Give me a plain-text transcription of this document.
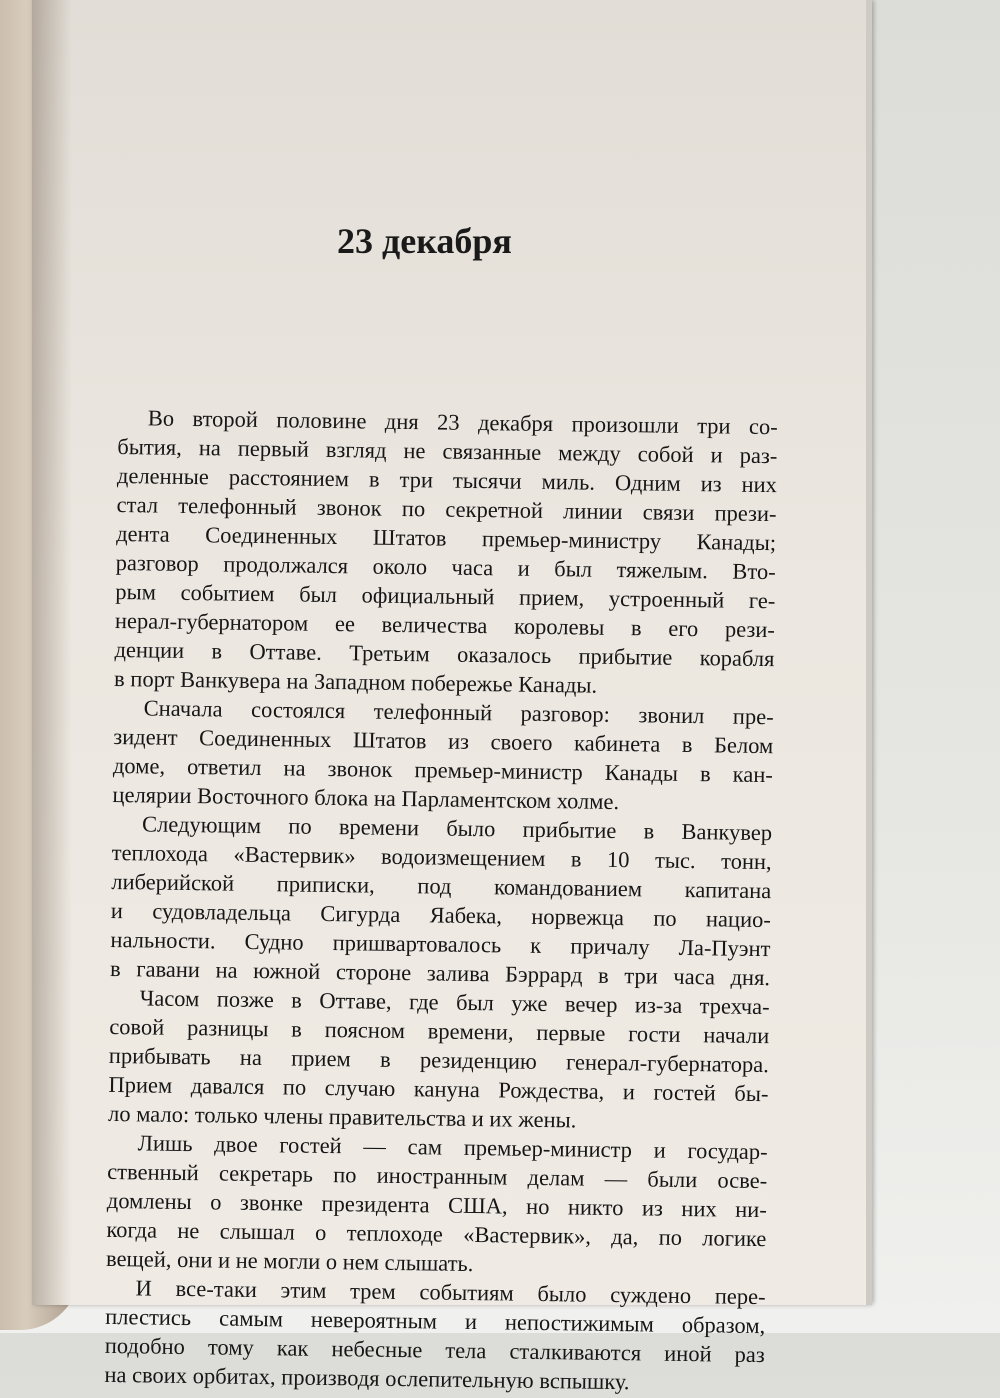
23 декабря
Во второй половине дня 23 декабря произошли три со-
бытия, на первый взгляд не связанные между собой и раз-
деленные расстоянием в три тысячи миль. Одним из них
стал телефонный звонок по секретной линии связи прези-
дента Соединенных Штатов премьер-министру Канады;
разговор продолжался около часа и был тяжелым. Вто-
рым событием был официальный прием, устроенный ге-
нерал-губернатором ее величества королевы в его рези-
денции в Оттаве. Третьим оказалось прибытие корабля
в порт Ванкувера на Западном побережье Канады.
Сначала состоялся телефонный разговор: звонил пре-
зидент Соединенных Штатов из своего кабинета в Белом
доме, ответил на звонок премьер-министр Канады в кан-
целярии Восточного блока на Парламентском холме.
Следующим по времени было прибытие в Ванкувер
теплохода «Вастервик» водоизмещением в 10 тыс. тонн,
либерийской приписки, под командованием капитана
и судовладельца Сигурда Яабека, норвежца по нацио-
нальности. Судно пришвартовалось к причалу Ла-Пуэнт
в гавани на южной стороне залива Бэррард в три часа дня.
Часом позже в Оттаве, где был уже вечер из-за трехча-
совой разницы в поясном времени, первые гости начали
прибывать на прием в резиденцию генерал-губернатора.
Прием давался по случаю кануна Рождества, и гостей бы-
ло мало: только члены правительства и их жены.
Лишь двое гостей — сам премьер-министр и государ-
ственный секретарь по иностранным делам — были осве-
домлены о звонке президента США, но никто из них ни-
когда не слышал о теплоходе «Вастервик», да, по логике
вещей, они и не могли о нем слышать.
И все-таки этим трем событиям было суждено пере-
плестись самым невероятным и непостижимым образом,
подобно тому как небесные тела сталкиваются иной раз
на своих орбитах, производя ослепительную вспышку.
